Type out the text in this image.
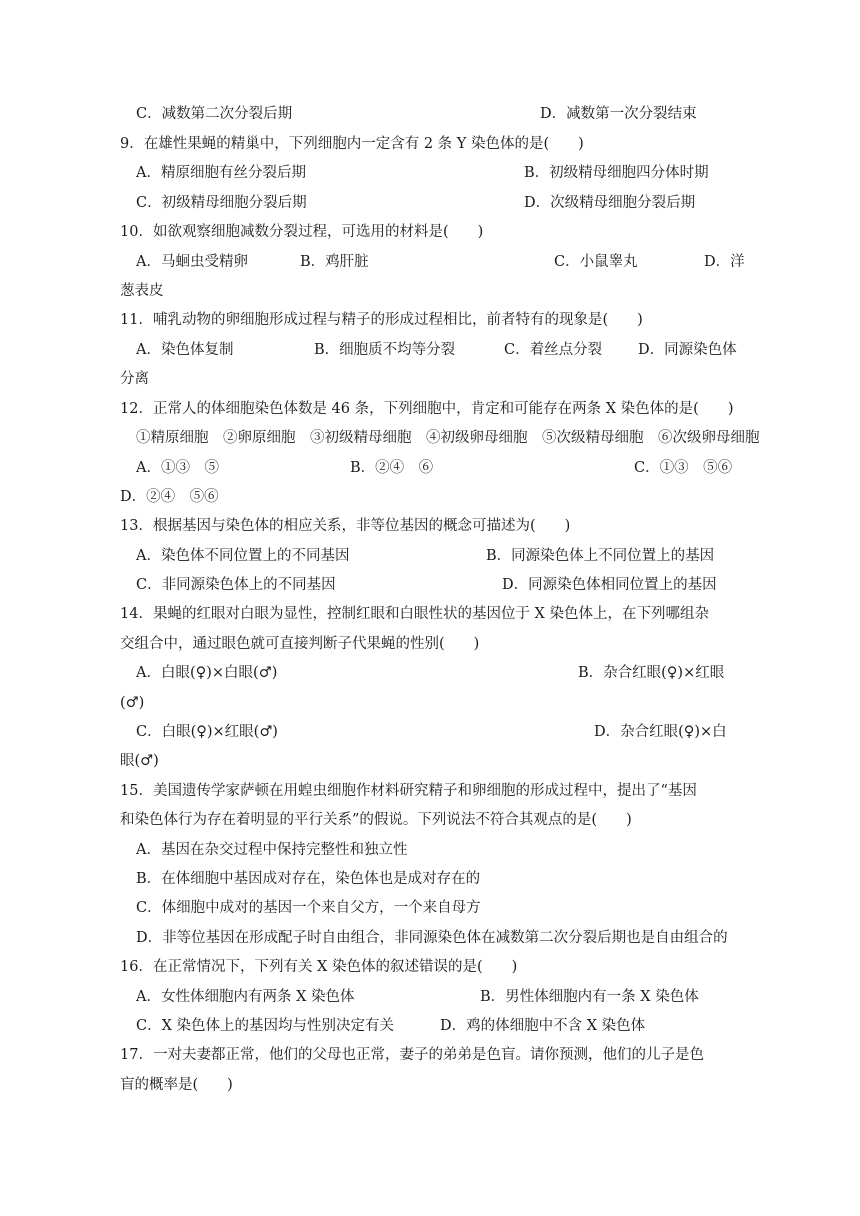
C．减数第二次分裂后期	D．减数第一次分裂结束
9．在雄性果蝇的精巢中，下列细胞内一定含有 2 条 Y 染色体的是(　　)
A．精原细胞有丝分裂后期	B．初级精母细胞四分体时期
C．初级精母细胞分裂后期	D．次级精母细胞分裂后期
10．如欲观察细胞减数分裂过程，可选用的材料是(　　)
A．马蛔虫受精卵	B．鸡肝脏	C．小鼠睾丸	D．洋
葱表皮
11．哺乳动物的卵细胞形成过程与精子的形成过程相比，前者特有的现象是(　　)
A．染色体复制	B．细胞质不均等分裂	C．着丝点分裂 D．同源染色体
分离
12．正常人的体细胞染色体数是 46 条，下列细胞中，肯定和可能存在两条 X 染色体的是(　　)
①精原细胞　②卵原细胞　③初级精母细胞　④初级卵母细胞　⑤次级精母细胞　⑥次级卵母细胞
A．①③　⑤	B．②④　⑥	C．①③　⑤⑥
D．②④　⑤⑥
13．根据基因与染色体的相应关系，非等位基因的概念可描述为(　　)
A．染色体不同位置上的不同基因	B．同源染色体上不同位置上的基因
C．非同源染色体上的不同基因	D．同源染色体相同位置上的基因
14．果蝇的红眼对白眼为显性，控制红眼和白眼性状的基因位于 X 染色体上，在下列哪组杂
交组合中，通过眼色就可直接判断子代果蝇的性别(　　)
A．白眼(♀)×白眼(♂)	B．杂合红眼(♀)×红眼
(♂)
C．白眼(♀)×红眼(♂)	D．杂合红眼(♀)×白
眼(♂)
15．美国遗传学家萨顿在用蝗虫细胞作材料研究精子和卵细胞的形成过程中，提出了“基因
和染色体行为存在着明显的平行关系”的假说。下列说法不符合其观点的是(　　)
A．基因在杂交过程中保持完整性和独立性
B．在体细胞中基因成对存在，染色体也是成对存在的
C．体细胞中成对的基因一个来自父方，一个来自母方
D．非等位基因在形成配子时自由组合，非同源染色体在减数第二次分裂后期也是自由组合的
16．在正常情况下，下列有关 X 染色体的叙述错误的是(　　)
A．女性体细胞内有两条 X 染色体	B．男性体细胞内有一条 X 染色体
C．X 染色体上的基因均与性别决定有关	D．鸡的体细胞中不含 X 染色体
17．一对夫妻都正常，他们的父母也正常，妻子的弟弟是色盲。请你预测，他们的儿子是色
盲的概率是(　　)
